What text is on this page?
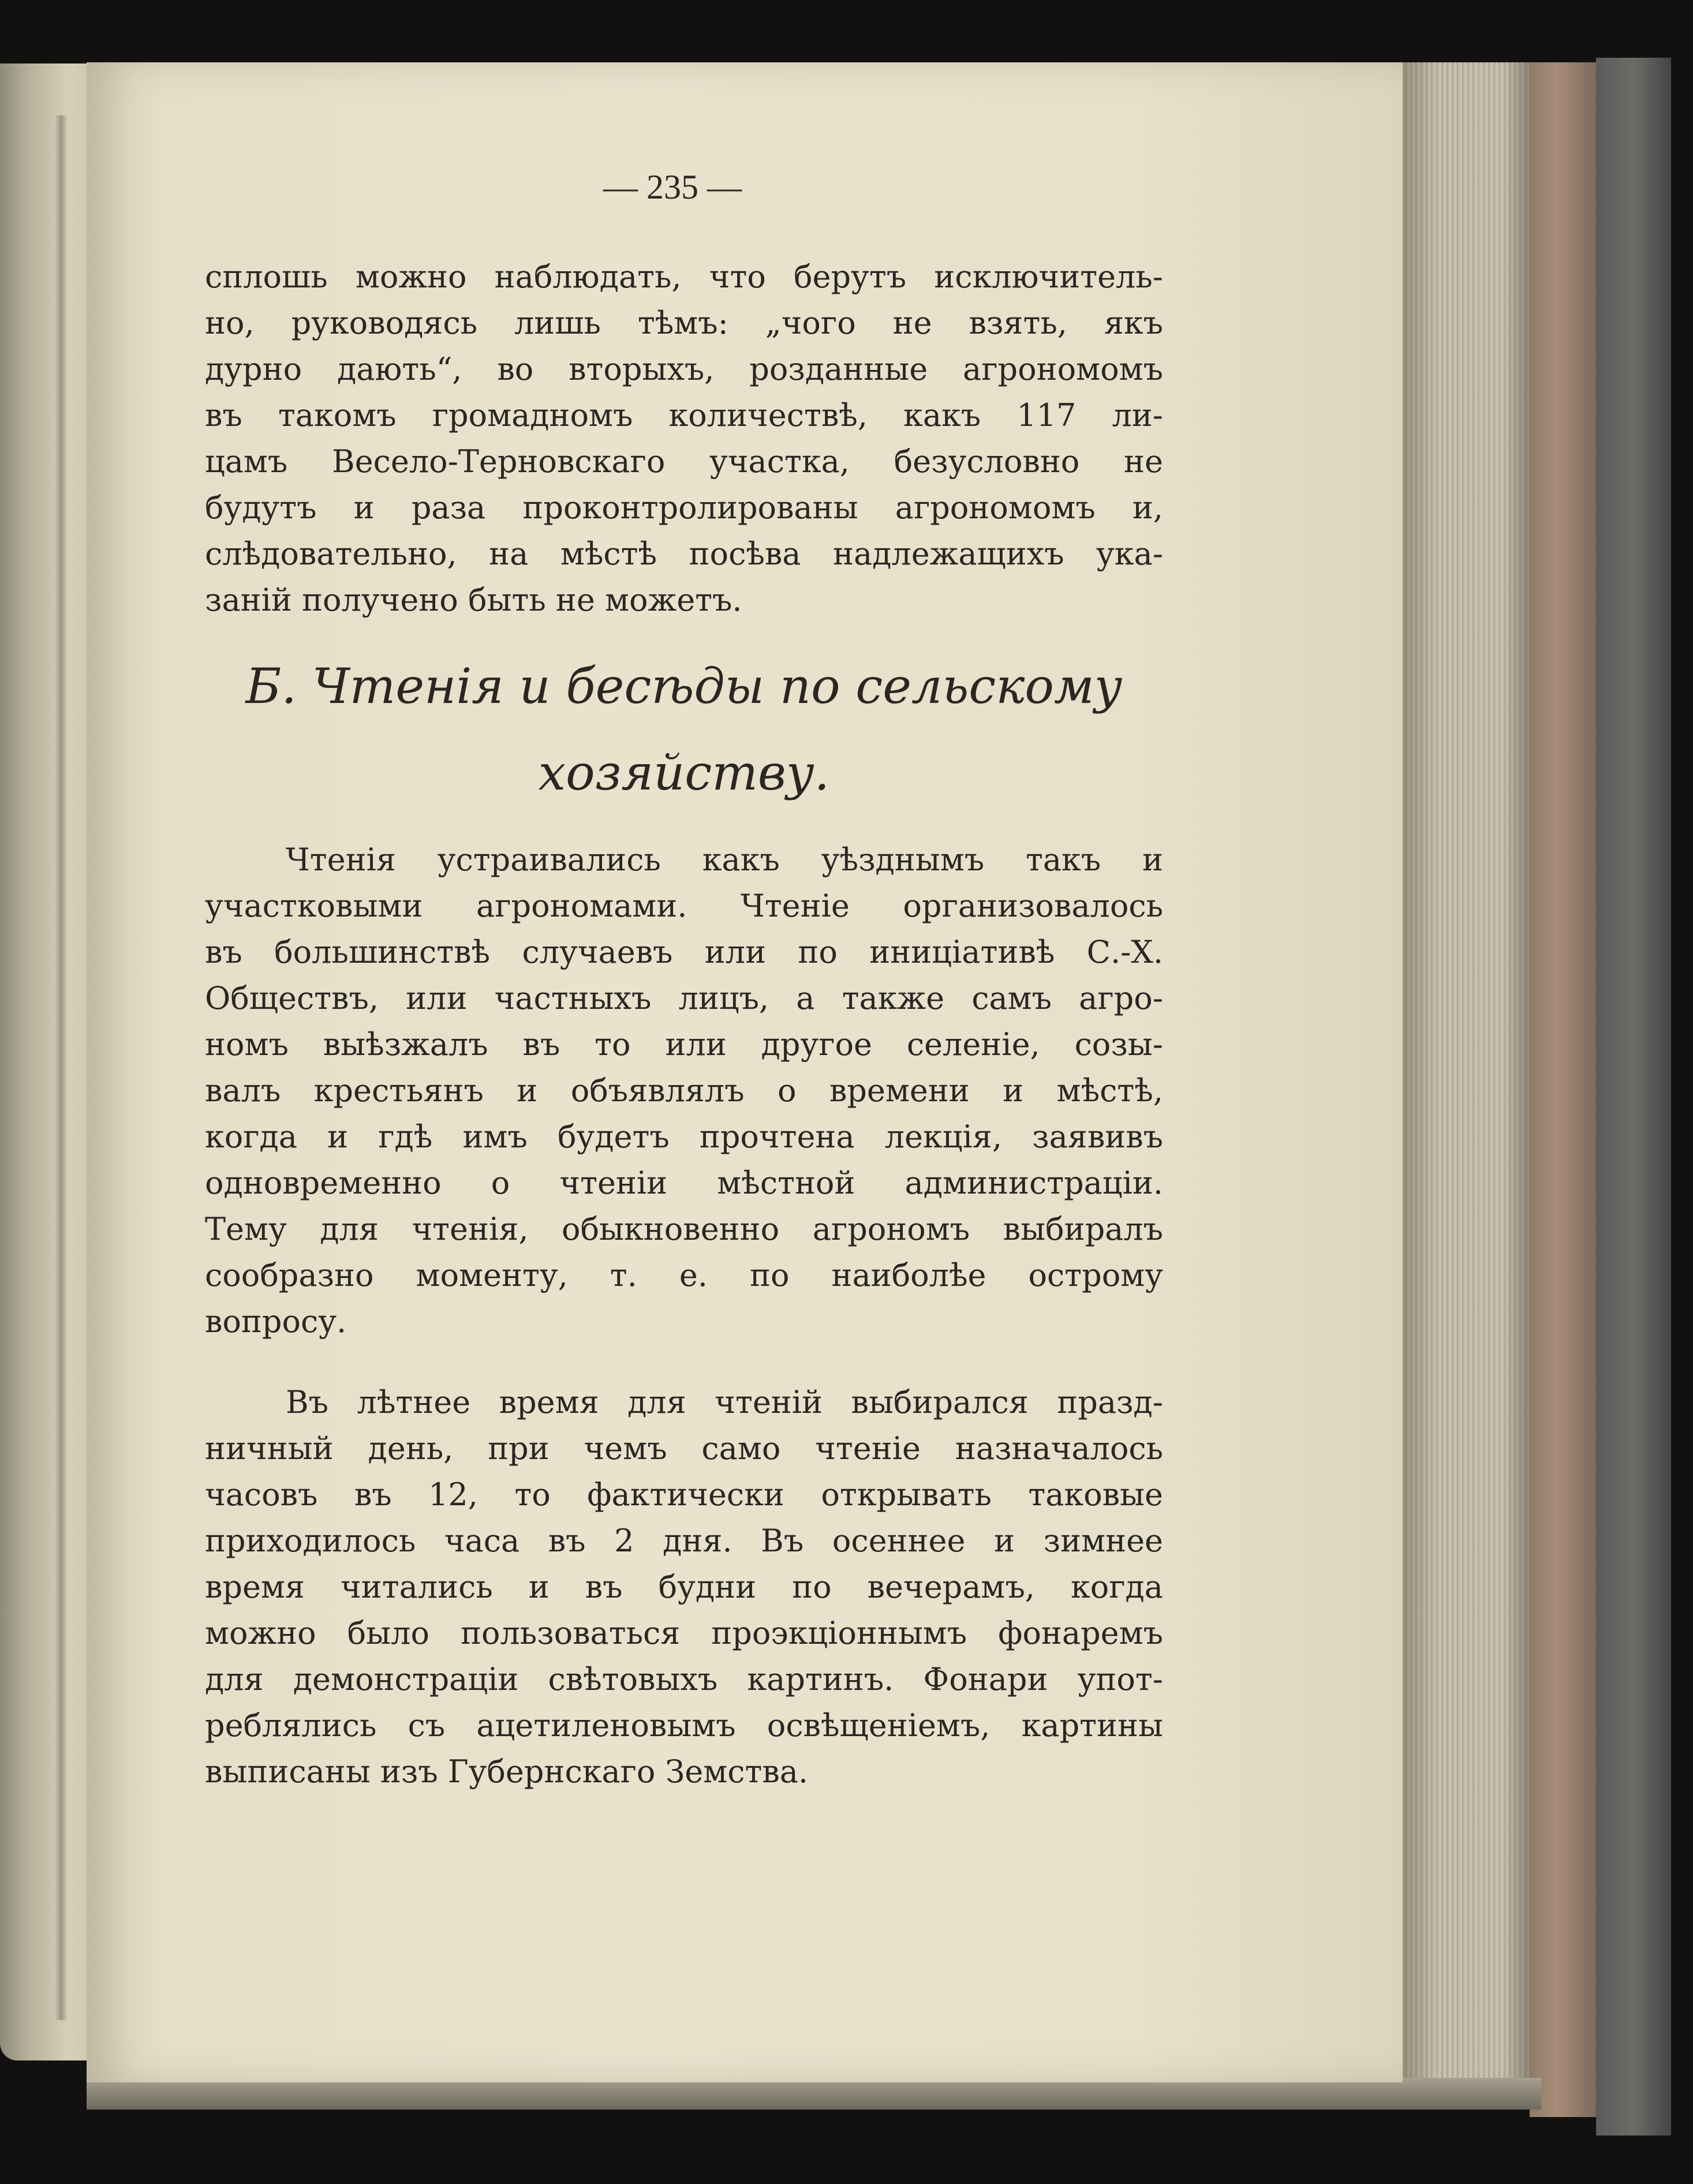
— 235 —
сплошь можно наблюдать, что берутъ исключитель-
но, руководясь лишь тѣмъ: „чого не взять, якъ
дурно дають“, во вторыхъ, розданные агрономомъ
въ такомъ громадномъ количествѣ, какъ 117 ли-
цамъ Весело-Терновскаго участка, безусловно не
будутъ и раза проконтролированы агрономомъ и,
слѣдовательно, на мѣстѣ посѣва надлежащихъ ука-
заній получено быть не можетъ.
Б. Чтенія и бесѣды по сельскому
хозяйству.
Чтенія устраивались какъ уѣзднымъ такъ и
участковыми агрономами. Чтеніе организовалось
въ большинствѣ случаевъ или по иниціативѣ С.-Х.
Обществъ, или частныхъ лицъ, а также самъ агро-
номъ выѣзжалъ въ то или другое селеніе, созы-
валъ крестьянъ и объявлялъ о времени и мѣстѣ,
когда и гдѣ имъ будетъ прочтена лекція, заявивъ
одновременно о чтеніи мѣстной администраціи.
Тему для чтенія, обыкновенно агрономъ выбиралъ
сообразно моменту, т. е. по наиболѣе острому
вопросу.
Въ лѣтнее время для чтеній выбирался празд-
ничный день, при чемъ само чтеніе назначалось
часовъ въ 12, то фактически открывать таковые
приходилось часа въ 2 дня. Въ осеннее и зимнее
время читались и въ будни по вечерамъ, когда
можно было пользоваться проэкціоннымъ фонаремъ
для демонстраціи свѣтовыхъ картинъ. Фонари упот-
реблялись съ ацетиленовымъ освѣщеніемъ, картины
выписаны изъ Губернскаго Земства.
